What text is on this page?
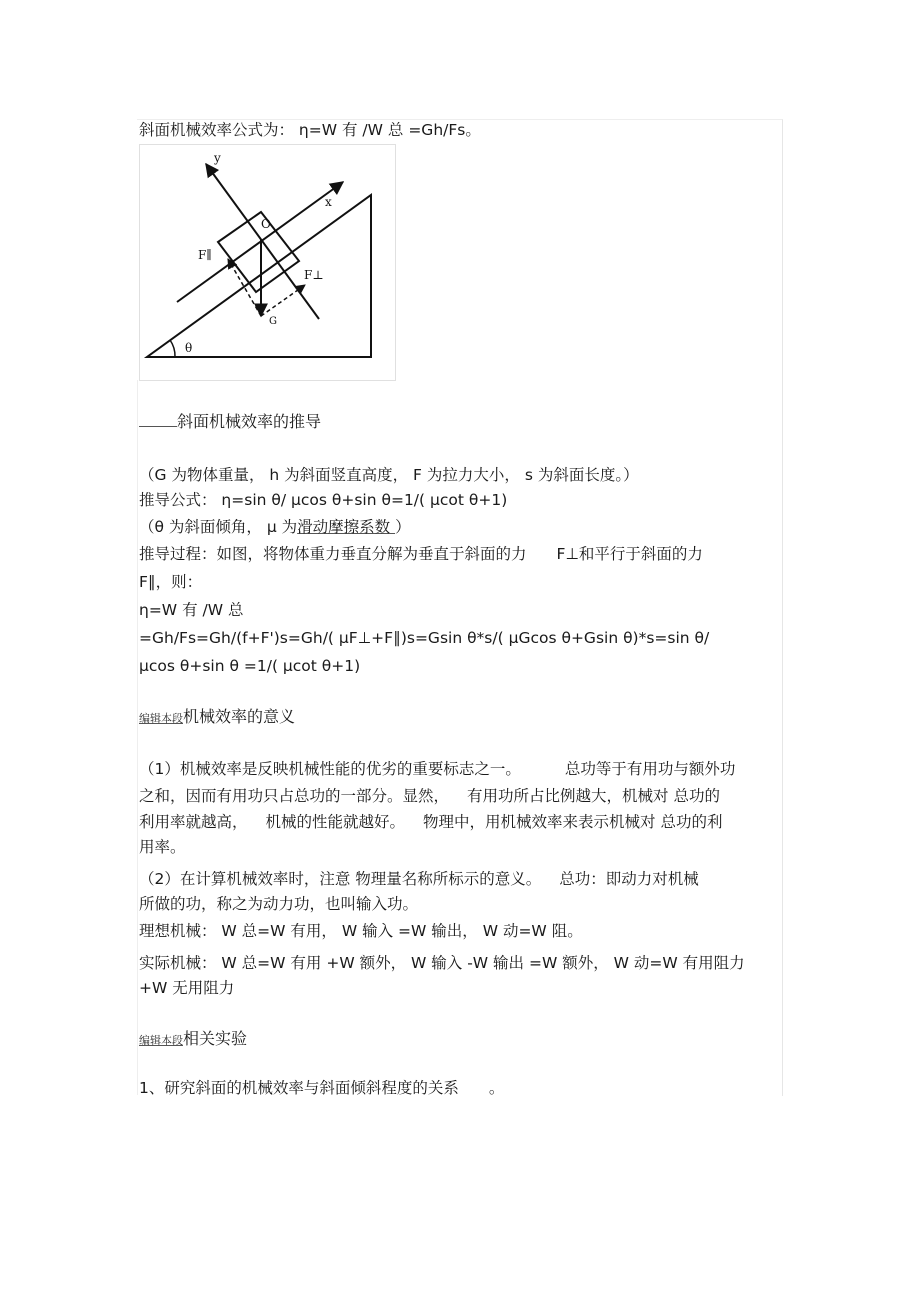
斜面机械效率公式为： η=W 有 /W 总 =Gh/Fs。
y
x
O
F∥
F⊥
G
θ
斜面机械效率的推导
（G 为物体重量， h 为斜面竖直高度， F 为拉力大小， s 为斜面长度。）
推导公式： η=sin θ/ μcos θ+sin θ=1/( μcot θ+1)
（θ 为斜面倾角， μ 为滑动摩擦系数 ）
推导过程：如图，将物体重力垂直分解为垂直于斜面的力 F⊥和平行于斜面的力
F∥，则：
η=W 有 /W 总
=Gh/Fs=Gh/(f+F')s=Gh/( μF⊥+F∥)s=Gsin θ*s/( μGcos θ+Gsin θ)*s=sin θ/
μcos θ+sin θ =1/( μcot θ+1)
编辑本段机械效率的意义
（1）机械效率是反映机械性能的优劣的重要标志之一。	总功等于有用功与额外功
之和，因而有用功只占总功的一部分。显然， 有用功所占比例越大，机械对 总功的
利用率就越高， 机械的性能就越好。 物理中，用机械效率来表示机械对 总功的利
用率。
（2）在计算机械效率时，注意 物理量名称所标示的意义。 总功：即动力对机械
所做的功，称之为动力功，也叫输入功。
理想机械： W 总=W 有用， W 输入 =W 输出， W 动=W 阻。
实际机械： W 总=W 有用 +W 额外， W 输入 -W 输出 =W 额外， W 动=W 有用阻力
+W 无用阻力
编辑本段相关实验
1、研究斜面的机械效率与斜面倾斜程度的关系 。
